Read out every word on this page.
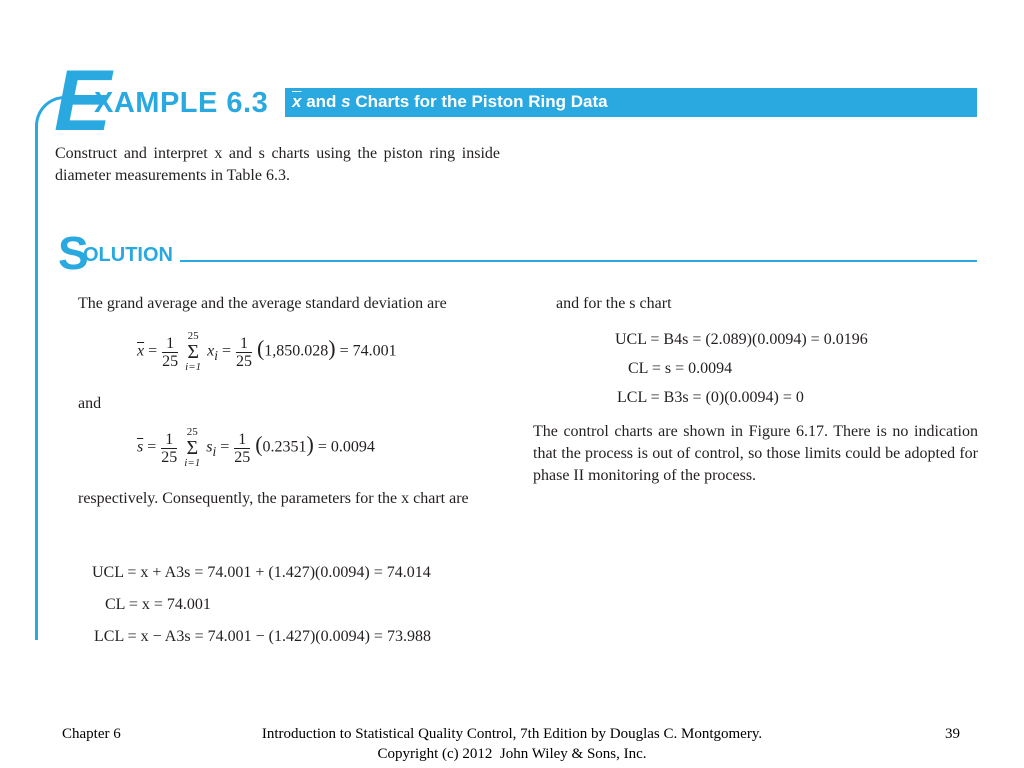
E
XAMPLE 6.3 $\overline{x}$ and s Charts for the Piston Ring Data
Construct and interpret x and s charts using the piston ring inside diameter measurements in Table 6.3.
S
OLUTION
The grand average and the average standard deviation are
$\overline{x} = \frac{1}{25}$
25
Σ
i=1
$x_i = \frac{1}{25} (1,850.028) = 74.001$
and
$\overline{s} = \frac{1}{25}$
25
Σ
i=1
$s_i = \frac{1}{25} (0.2351) = 0.0094$
respectively. Consequently, the parameters for the x chart are
UCL = x + A3s = 74.001 + (1.427)(0.0094) = 74.014
CL = x = 74.001
LCL = x − A3s = 74.001 − (1.427)(0.0094) = 73.988
and for the s chart
UCL = B4s = (2.089)(0.0094) = 0.0196
CL = s = 0.0094
LCL = B3s = (0)(0.0094) = 0
The control charts are shown in Figure 6.17. There is no indication that the process is out of control, so those limits could be adopted for phase II monitoring of the process.
Chapter 6	Introduction to Statistical Quality Control, 7th Edition by Douglas C. Montgomery.
Copyright (c) 2012  John Wiley & Sons, Inc.
39
